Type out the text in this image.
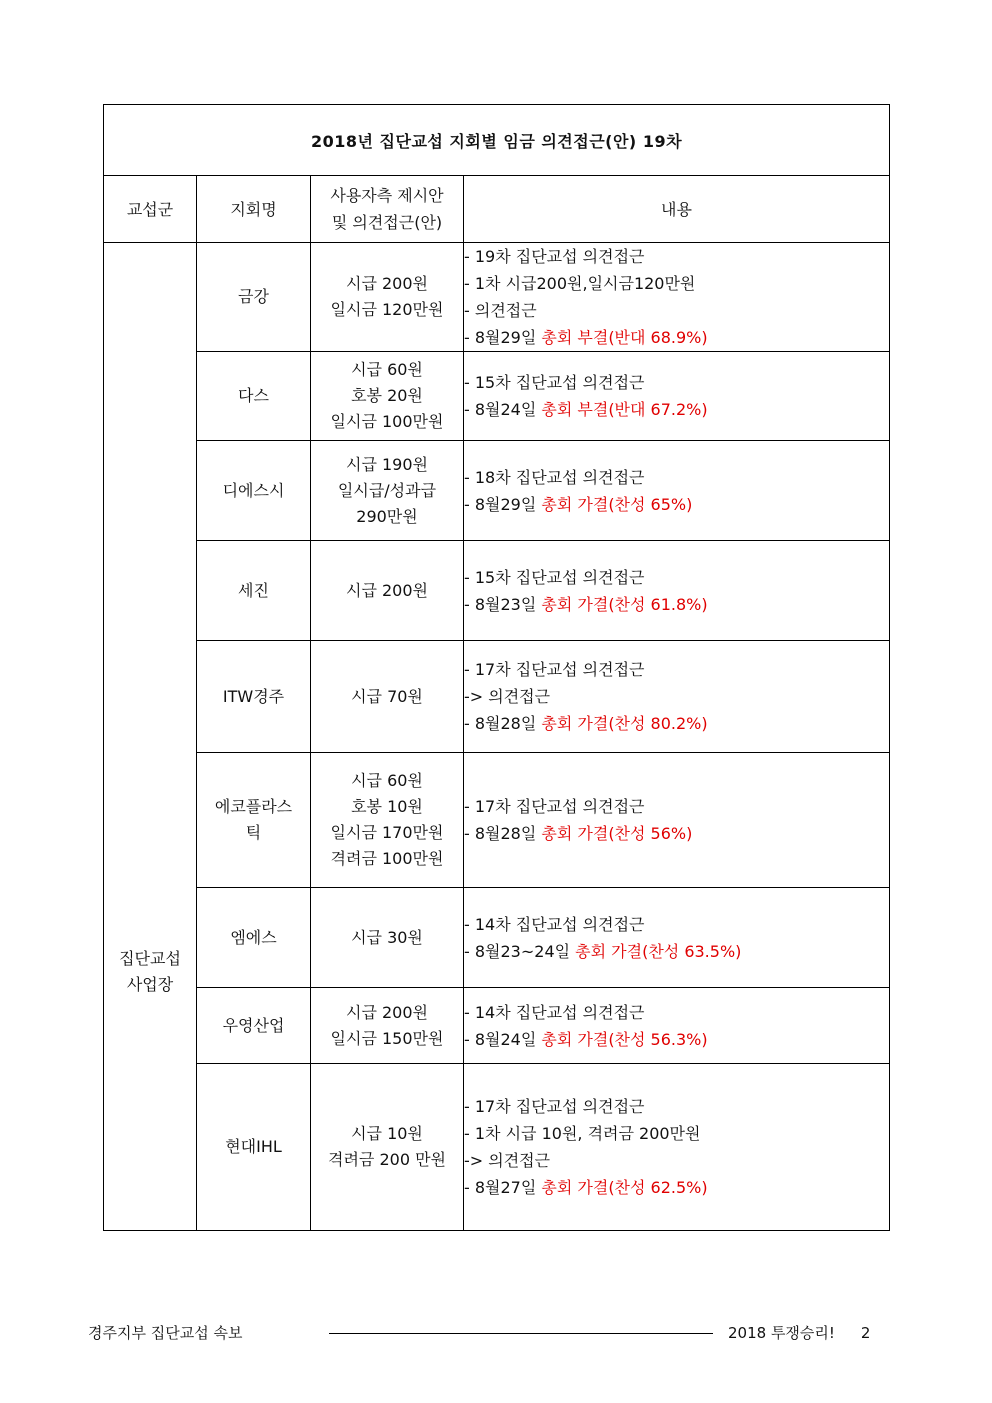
2018년 집단교섭 지회별 임금 의견접근(안) 19차			
교섭군	지회명	사용자측 제시안
및 의견접근(안)	내용

집단교섭
사업장	금강	시급 200원
일시금 120만원	- 19차 집단교섭 의견접근
- 1차 시급200원,일시금120만원
- 의견접근
- 8월29일 총회 부결(반대 68.9%)

	다스	시급 60원
호봉 20원
일시금 100만원	- 15차 집단교섭 의견접근
- 8월24일 총회 부결(반대 67.2%)

	디에스시	시급 190원
일시급/성과급
290만원	- 18차 집단교섭 의견접근
- 8월29일 총회 가결(찬성 65%)

	세진	시급 200원	- 15차 집단교섭 의견접근
- 8월23일 총회 가결(찬성 61.8%)

	ITW경주	시급 70원	- 17차 집단교섭 의견접근
-> 의견접근
- 8월28일 총회 가결(찬성 80.2%)

	에코플라스
틱	시급 60원
호봉 10원
일시금 170만원
격려금 100만원	- 17차 집단교섭 의견접근
- 8월28일 총회 가결(찬성 56%)

	엠에스	시급 30원	- 14차 집단교섭 의견접근
- 8월23~24일 총회 가결(찬성 63.5%)

	우영산업	시급 200원
일시금 150만원	- 14차 집단교섭 의견접근
- 8월24일 총회 가결(찬성 56.3%)

	현대IHL	시급 10원
격려금 200 만원	- 17차 집단교섭 의견접근
- 1차 시급 10원, 격려금 200만원
-> 의견접근
- 8월27일 총회 가결(찬성 62.5%)
경주지부 집단교섭 속보	2018 투쟁승리! 2
